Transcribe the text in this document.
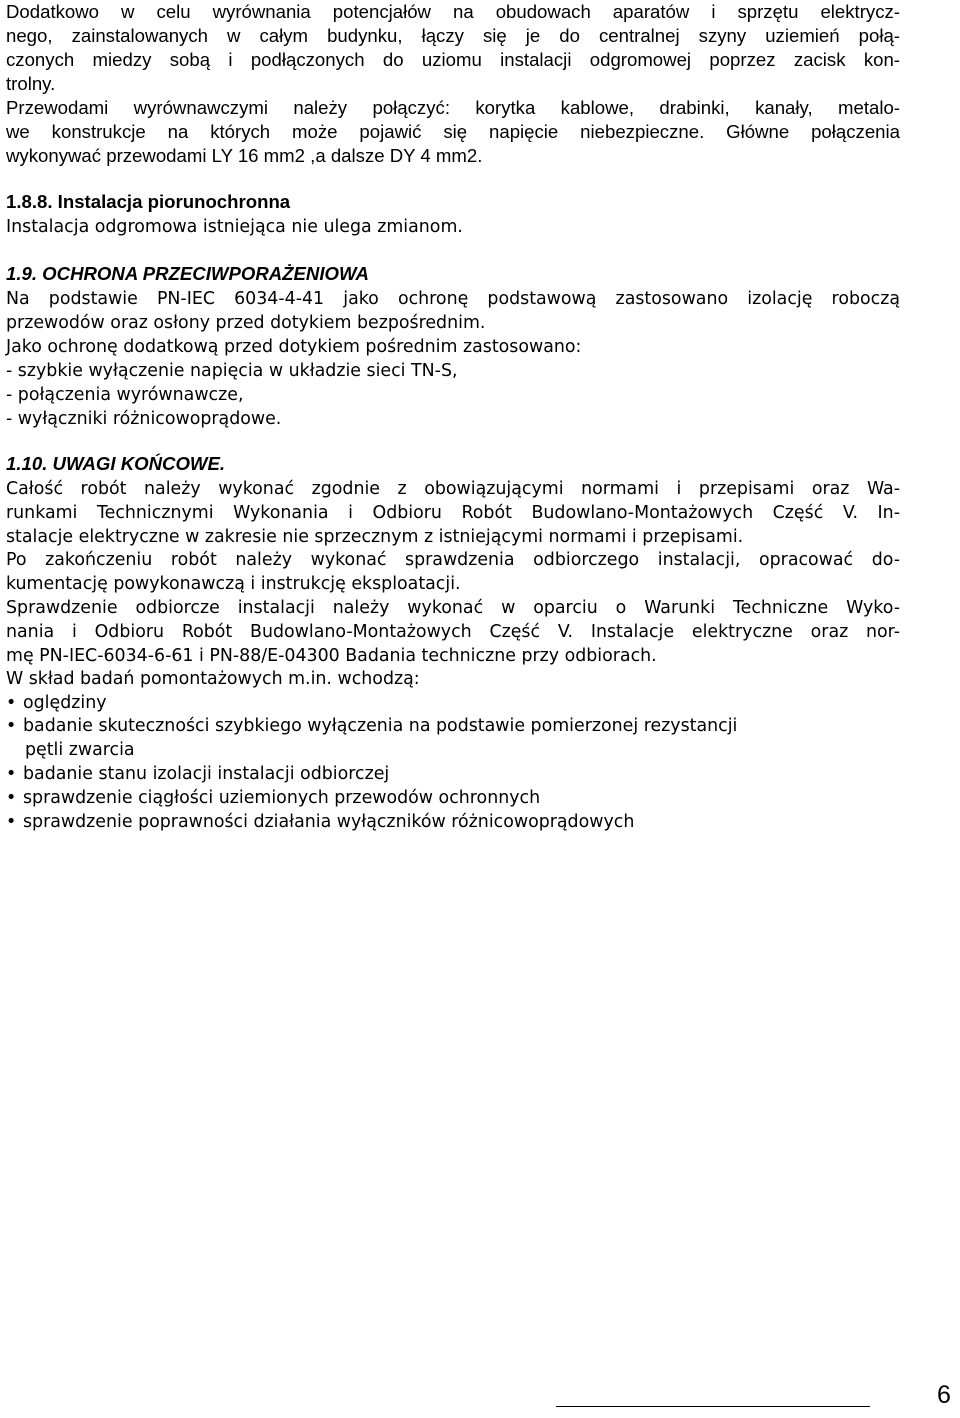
Dodatkowo w celu wyrównania potencjałów na obudowach aparatów i sprzętu elektrycz-
nego, zainstalowanych w całym budynku, łączy się je do centralnej szyny uziemień połą-
czonych miedzy sobą i podłączonych do uziomu instalacji odgromowej poprzez zacisk kon-
trolny.
Przewodami wyrównawczymi należy połączyć: korytka kablowe, drabinki, kanały, metalo-
we konstrukcje na których może pojawić się napięcie niebezpieczne. Główne połączenia
wykonywać przewodami LY 16 mm2 ,a dalsze DY 4 mm2.
1.8.8. Instalacja piorunochronna
Instalacja odgromowa istniejąca nie ulega zmianom.
1.9. OCHRONA PRZECIWPORAŻENIOWA
Na podstawie PN-IEC 6034-4-41 jako ochronę podstawową zastosowano izolację roboczą
przewodów oraz osłony przed dotykiem bezpośrednim.
Jako ochronę dodatkową przed dotykiem pośrednim zastosowano:
- szybkie wyłączenie napięcia w układzie sieci TN-S,
- połączenia wyrównawcze,
- wyłączniki różnicowoprądowe.
1.10. UWAGI KOŃCOWE.
Całość robót należy wykonać zgodnie z obowiązującymi normami i przepisami oraz Wa-
runkami Technicznymi Wykonania i Odbioru Robót Budowlano-Montażowych Część V. In-
stalacje elektryczne w zakresie nie sprzecznym z istniejącymi normami i przepisami.
Po zakończeniu robót należy wykonać sprawdzenia odbiorczego instalacji, opracować do-
kumentację powykonawczą i instrukcję eksploatacji.
Sprawdzenie odbiorcze instalacji należy wykonać w oparciu o Warunki Techniczne Wyko-
nania i Odbioru Robót Budowlano-Montażowych Część V. Instalacje elektryczne oraz nor-
mę PN-IEC-6034-6-61 i PN-88/E-04300 Badania techniczne przy odbiorach.
W skład badań pomontażowych m.in. wchodzą:
• oględziny
• badanie skuteczności szybkiego wyłączenia na podstawie pomierzonej rezystancji
pętli zwarcia
• badanie stanu izolacji instalacji odbiorczej
• sprawdzenie ciągłości uziemionych przewodów ochronnych
• sprawdzenie poprawności działania wyłączników różnicowoprądowych
6
